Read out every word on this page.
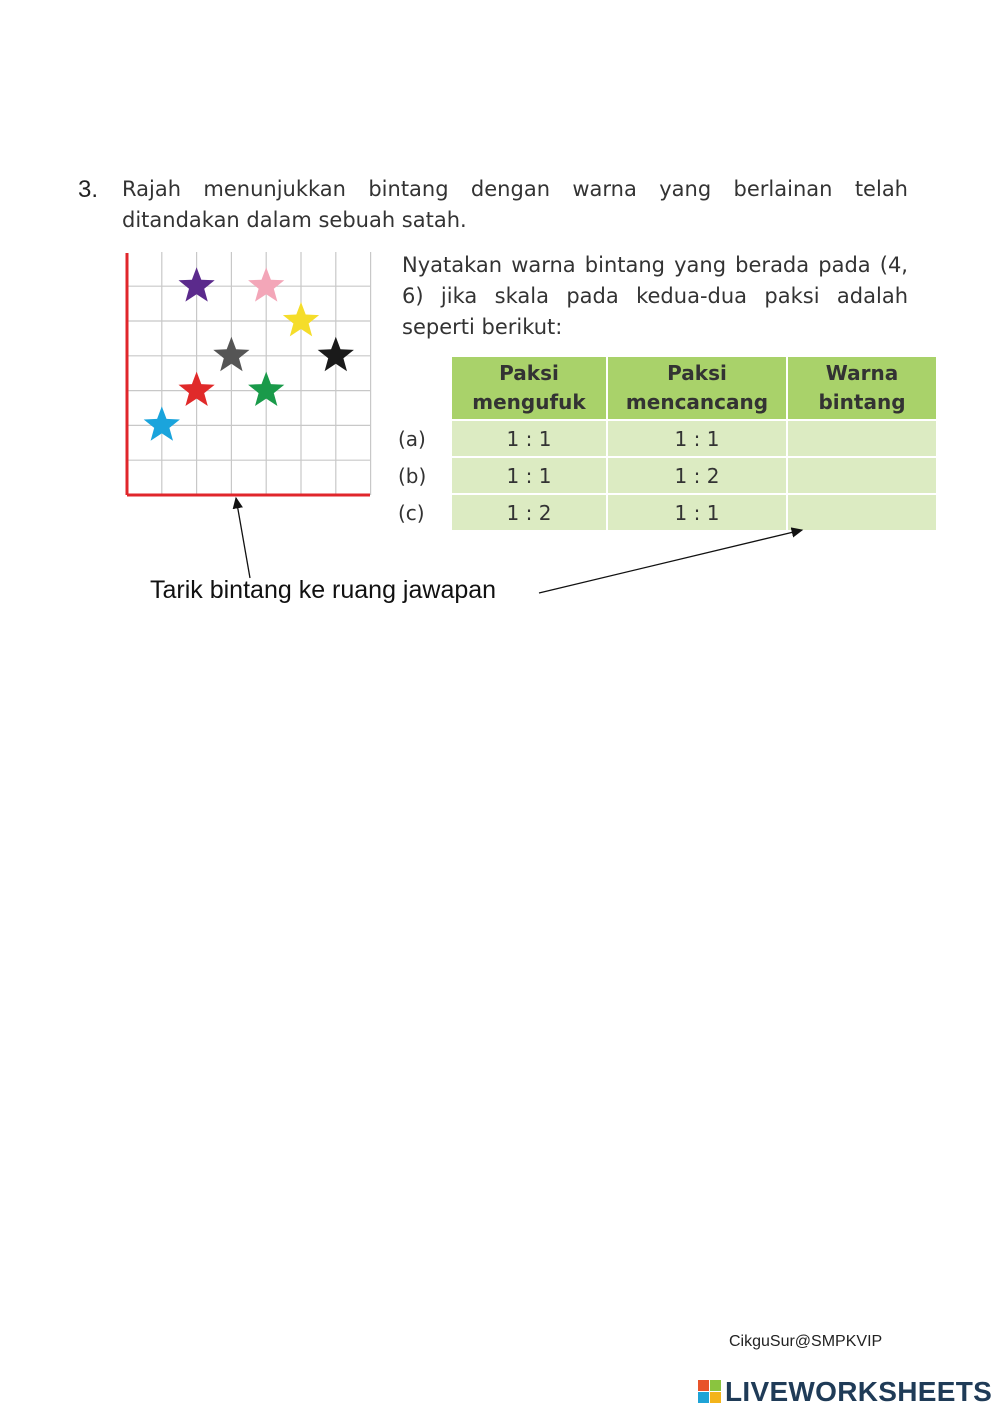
3. Rajah menunjukkan bintang dengan warna yang berlainan telah ditandakan dalam sebuah satah.
Nyatakan warna bintang yang berada pada (4, 6) jika skala pada kedua-dua paksi adalah seperti berikut:
	Paksi mengufuk	Paksi mencancang	Warna bintang
(a)	1 : 1	1 : 1	
(b)	1 : 1	1 : 2	
(c)	1 : 2	1 : 1	
Tarik bintang ke ruang jawapan
CikguSur@SMPKVIP
LIVEWORKSHEETS
